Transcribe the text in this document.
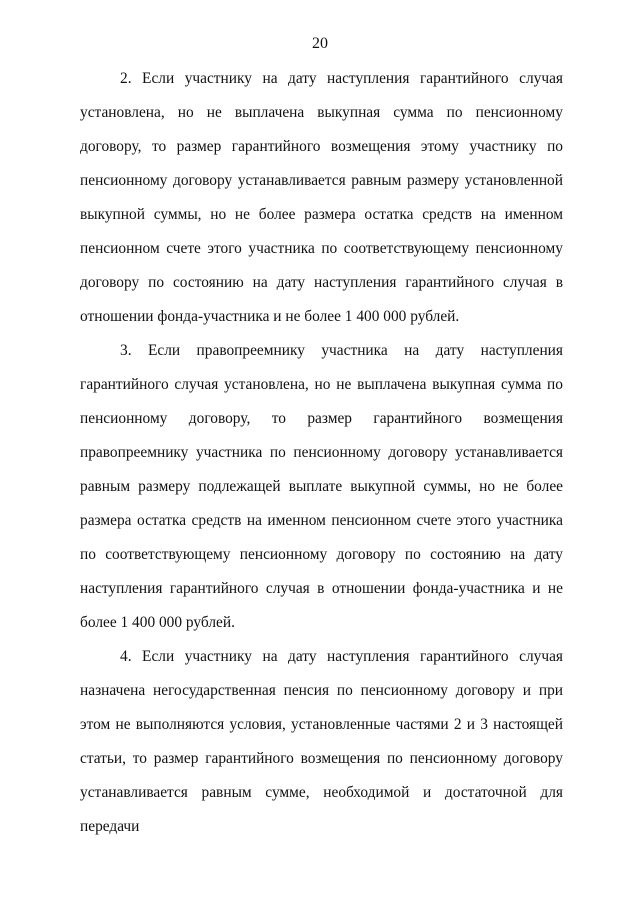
20

2. Если участнику на дату наступления гарантийного случая установлена, но не выплачена выкупная сумма по пенсионному договору, то размер гарантийного возмещения этому участнику по пенсионному договору устанавливается равным размеру установленной выкупной суммы, но не более размера остатка средств на именном пенсионном счете этого участника по соответствующему пенсионному договору по состоянию на дату наступления гарантийного случая в отношении фонда-участника и не более 1 400 000 рублей.

3. Если правопреемнику участника на дату наступления гарантийного случая установлена, но не выплачена выкупная сумма по пенсионному договору, то размер гарантийного возмещения правопреемнику участника по пенсионному договору устанавливается равным размеру подлежащей выплате выкупной суммы, но не более размера остатка средств на именном пенсионном счете этого участника по соответствующему пенсионному договору по состоянию на дату наступления гарантийного случая в отношении фонда-участника и не более 1 400 000 рублей.

4. Если участнику на дату наступления гарантийного случая назначена негосударственная пенсия по пенсионному договору и при этом не выполняются условия, установленные частями 2 и 3 настоящей статьи, то размер гарантийного возмещения по пенсионному договору устанавливается равным сумме, необходимой и достаточной для передачи
